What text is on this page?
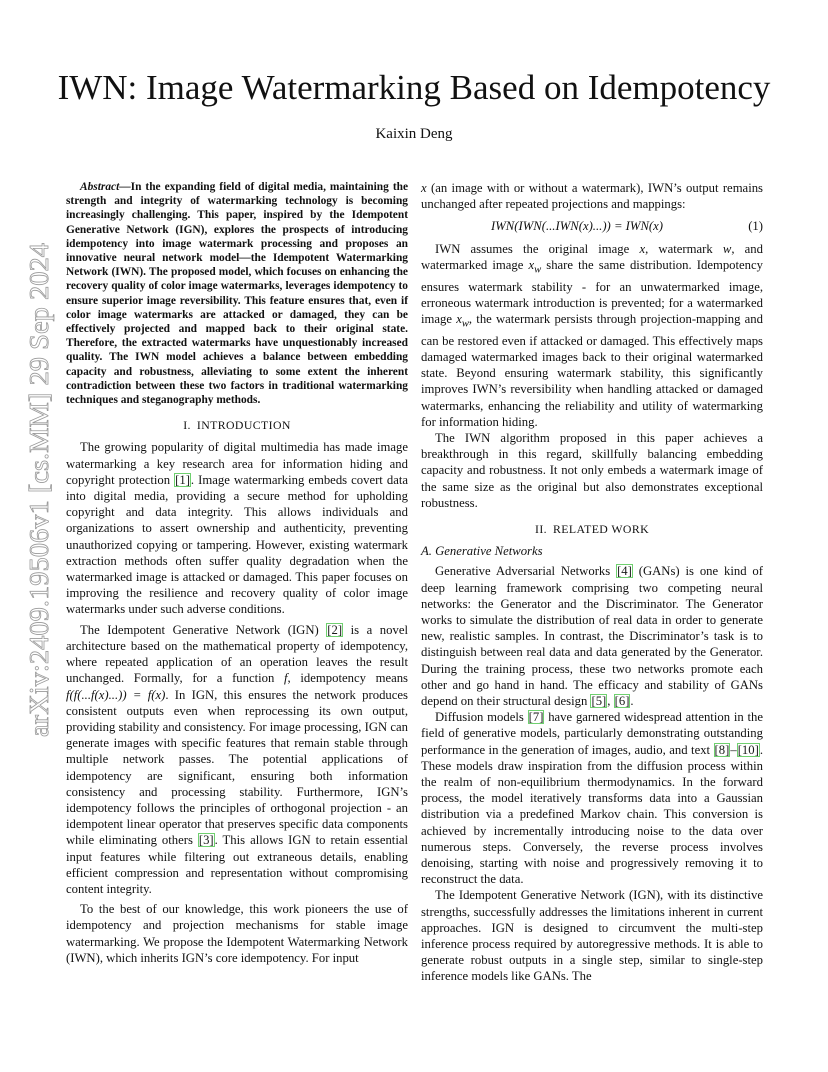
arXiv:2409.19506v1 [cs.MM] 29 Sep 2024
IWN: Image Watermarking Based on Idempotency
Kaixin Deng

Abstract—In the expanding field of digital media, maintaining the strength and integrity of watermarking technology is becoming increasingly challenging. This paper, inspired by the Idempotent Generative Network (IGN), explores the prospects of introducing idempotency into image watermark processing and proposes an innovative neural network model—the Idempotent Watermarking Network (IWN). The proposed model, which focuses on enhancing the recovery quality of color image watermarks, leverages idempotency to ensure superior image reversibility. This feature ensures that, even if color image watermarks are attacked or damaged, they can be effectively projected and mapped back to their original state. Therefore, the extracted watermarks have unquestionably increased quality. The IWN model achieves a balance between embedding capacity and robustness, alleviating to some extent the inherent contradiction between these two factors in traditional watermarking techniques and steganography methods.

I. INTRODUCTION

The growing popularity of digital multimedia has made image watermarking a key research area for information hiding and copyright protection [1]. Image watermarking embeds covert data into digital media, providing a secure method for upholding copyright and data integrity. This allows individuals and organizations to assert ownership and authenticity, preventing unauthorized copying or tampering. However, existing watermark extraction methods often suffer quality degradation when the watermarked image is attacked or damaged. This paper focuses on improving the resilience and recovery quality of color image watermarks under such adverse conditions.

The Idempotent Generative Network (IGN) [2] is a novel architecture based on the mathematical property of idempotency, where repeated application of an operation leaves the result unchanged. Formally, for a function f, idempotency means f(f(...f(x)...)) = f(x). In IGN, this ensures the network produces consistent outputs even when reprocessing its own output, providing stability and consistency. For image processing, IGN can generate images with specific features that remain stable through multiple network passes. The potential applications of idempotency are significant, ensuring both information consistency and processing stability. Furthermore, IGN’s idempotency follows the principles of orthogonal projection - an idempotent linear operator that preserves specific data components while eliminating others [3]. This allows IGN to retain essential input features while filtering out extraneous details, enabling efficient compression and representation without compromising content integrity.

To the best of our knowledge, this work pioneers the use of idempotency and projection mechanisms for stable image watermarking. We propose the Idempotent Watermarking Network (IWN), which inherits IGN’s core idempotency. For input

x (an image with or without a watermark), IWN’s output remains unchanged after repeated projections and mappings:

IWN(IWN(...IWN(x)...)) = IWN(x)	(1)

IWN assumes the original image x, watermark w, and watermarked image $x_w$ share the same distribution. Idempotency ensures watermark stability - for an unwatermarked image, erroneous watermark introduction is prevented; for a watermarked image $x_w$, the watermark persists through projection-mapping and can be restored even if attacked or damaged. This effectively maps damaged watermarked images back to their original watermarked state. Beyond ensuring watermark stability, this significantly improves IWN’s reversibility when handling attacked or damaged watermarks, enhancing the reliability and utility of watermarking for information hiding.

The IWN algorithm proposed in this paper achieves a breakthrough in this regard, skillfully balancing embedding capacity and robustness. It not only embeds a watermark image of the same size as the original but also demonstrates exceptional robustness.

II. RELATED WORK
A. Generative Networks

Generative Adversarial Networks [4] (GANs) is one kind of deep learning framework comprising two competing neural networks: the Generator and the Discriminator. The Generator works to simulate the distribution of real data in order to generate new, realistic samples. In contrast, the Discriminator’s task is to distinguish between real data and data generated by the Generator. During the training process, these two networks promote each other and go hand in hand. The efficacy and stability of GANs depend on their structural design [5], [6].

Diffusion models [7] have garnered widespread attention in the field of generative models, particularly demonstrating outstanding performance in the generation of images, audio, and text [8]–[10]. These models draw inspiration from the diffusion process within the realm of non-equilibrium thermodynamics. In the forward process, the model iteratively transforms data into a Gaussian distribution via a predefined Markov chain. This conversion is achieved by incrementally introducing noise to the data over numerous steps. Conversely, the reverse process involves denoising, starting with noise and progressively removing it to reconstruct the data.

The Idempotent Generative Network (IGN), with its distinctive strengths, successfully addresses the limitations inherent in current approaches. IGN is designed to circumvent the multi-step inference process required by autoregressive methods. It is able to generate robust outputs in a single step, similar to single-step inference models like GANs. The
